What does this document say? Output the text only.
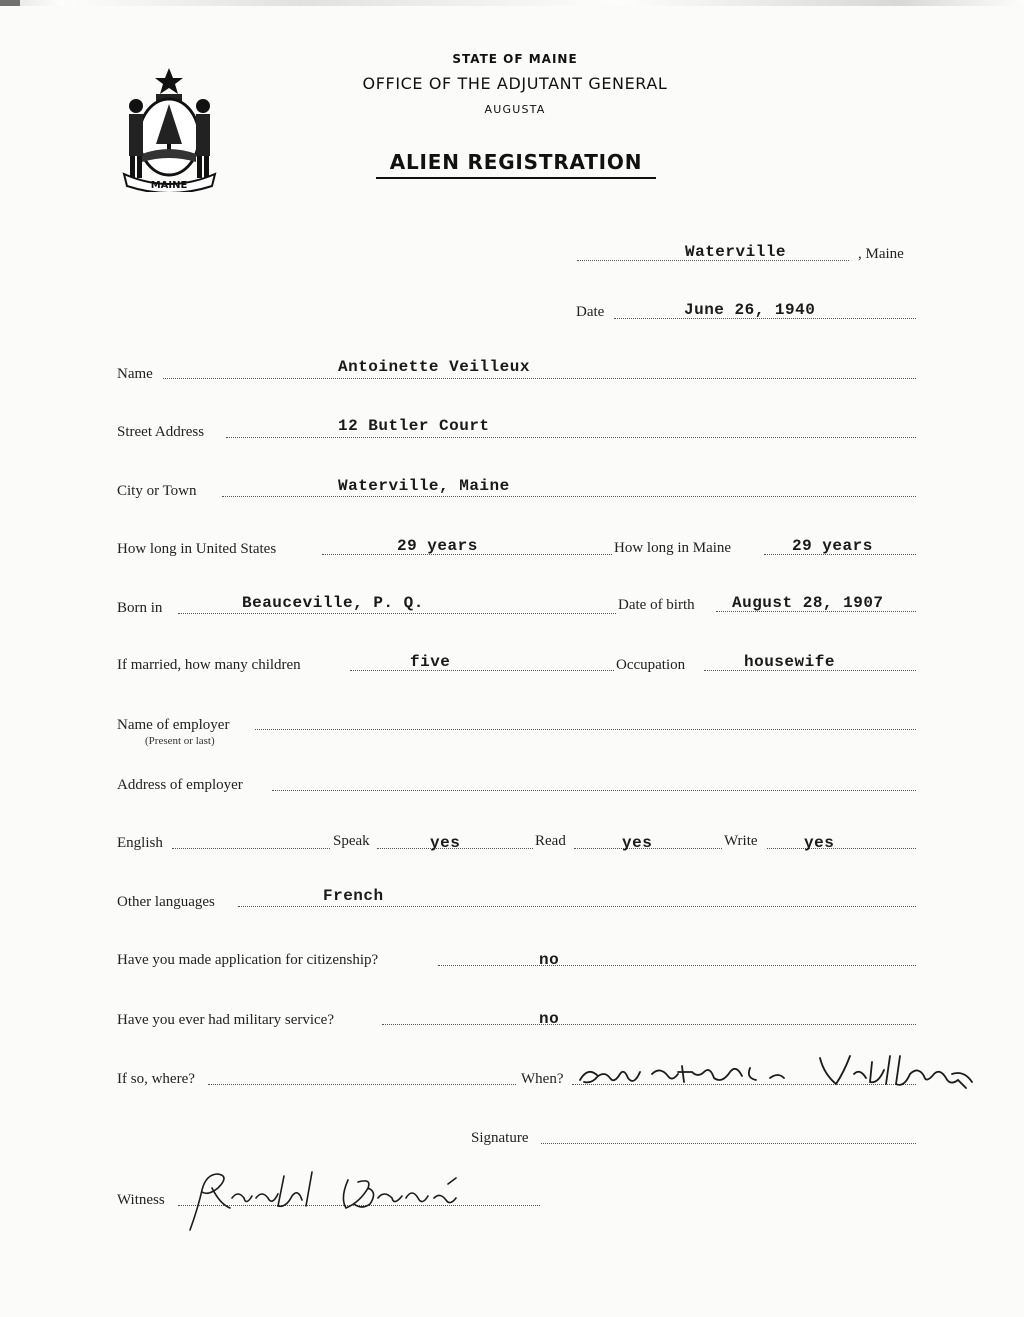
MAINE
STATE OF MAINE
OFFICE OF THE ADJUTANT GENERAL
AUGUSTA
ALIEN REGISTRATION
Waterville	, Maine
Date	June 26, 1940
Name	Antoinette Veilleux
Street Address	12 Butler Court
City or Town	Waterville, Maine
How long in United States	29 years	How long in Maine	29 years
Born in	Beauceville, P. Q.	Date of birth August 28, 1907
If married, how many children	five	Occupation	housewife
Name of employer
(Present or last)
Address of employer
English	Speak	yes	Read	yes	Write	yes
Other languages	French
Have you made application for citizenship?	no
Have you ever had military service?	no
If so, where?	When?
Signature
Witness
